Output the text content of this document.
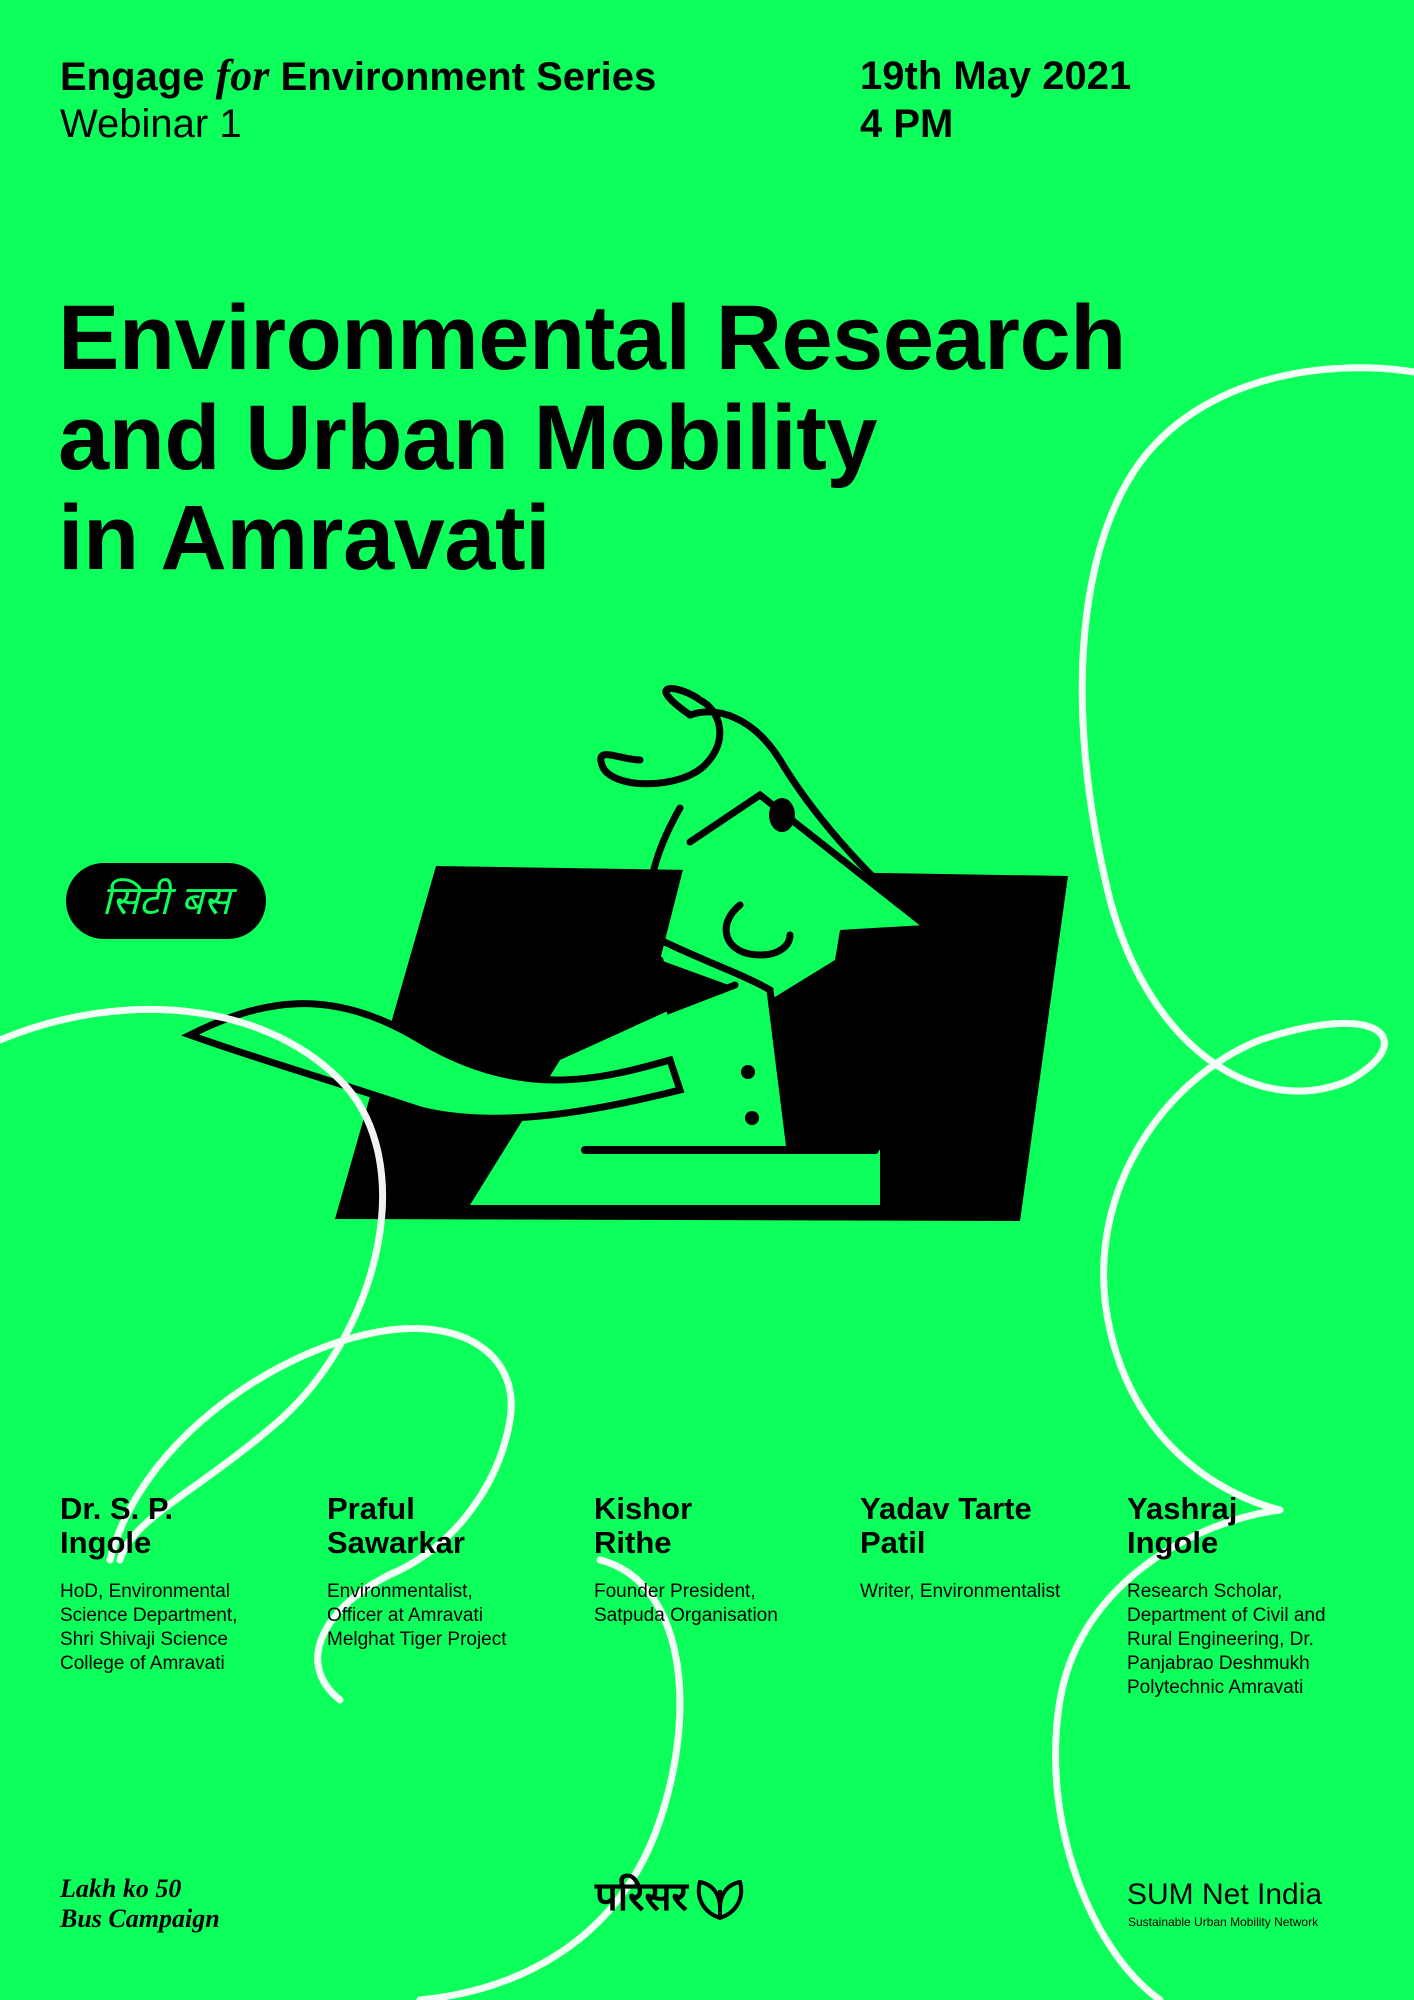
Engage for Environment Series
Webinar 1
19th May 2021
4 PM
Environmental Research
and Urban Mobility
in Amravati
सिटी बस
Dr. S. P.
Ingole
HoD, Environmental
Science Department,
Shri Shivaji Science
College of Amravati
Praful
Sawarkar
Environmentalist,
Officer at Amravati
Melghat Tiger Project
Kishor
Rithe
Founder President,
Satpuda Organisation
Yadav Tarte
Patil
Writer, Environmentalist
Yashraj
Ingole
Research Scholar,
Department of Civil and
Rural Engineering, Dr.
Panjabrao Deshmukh
Polytechnic Amravati
Lakh ko 50
Bus Campaign	परिसर	SUM Net India
Sustainable Urban Mobility Network
